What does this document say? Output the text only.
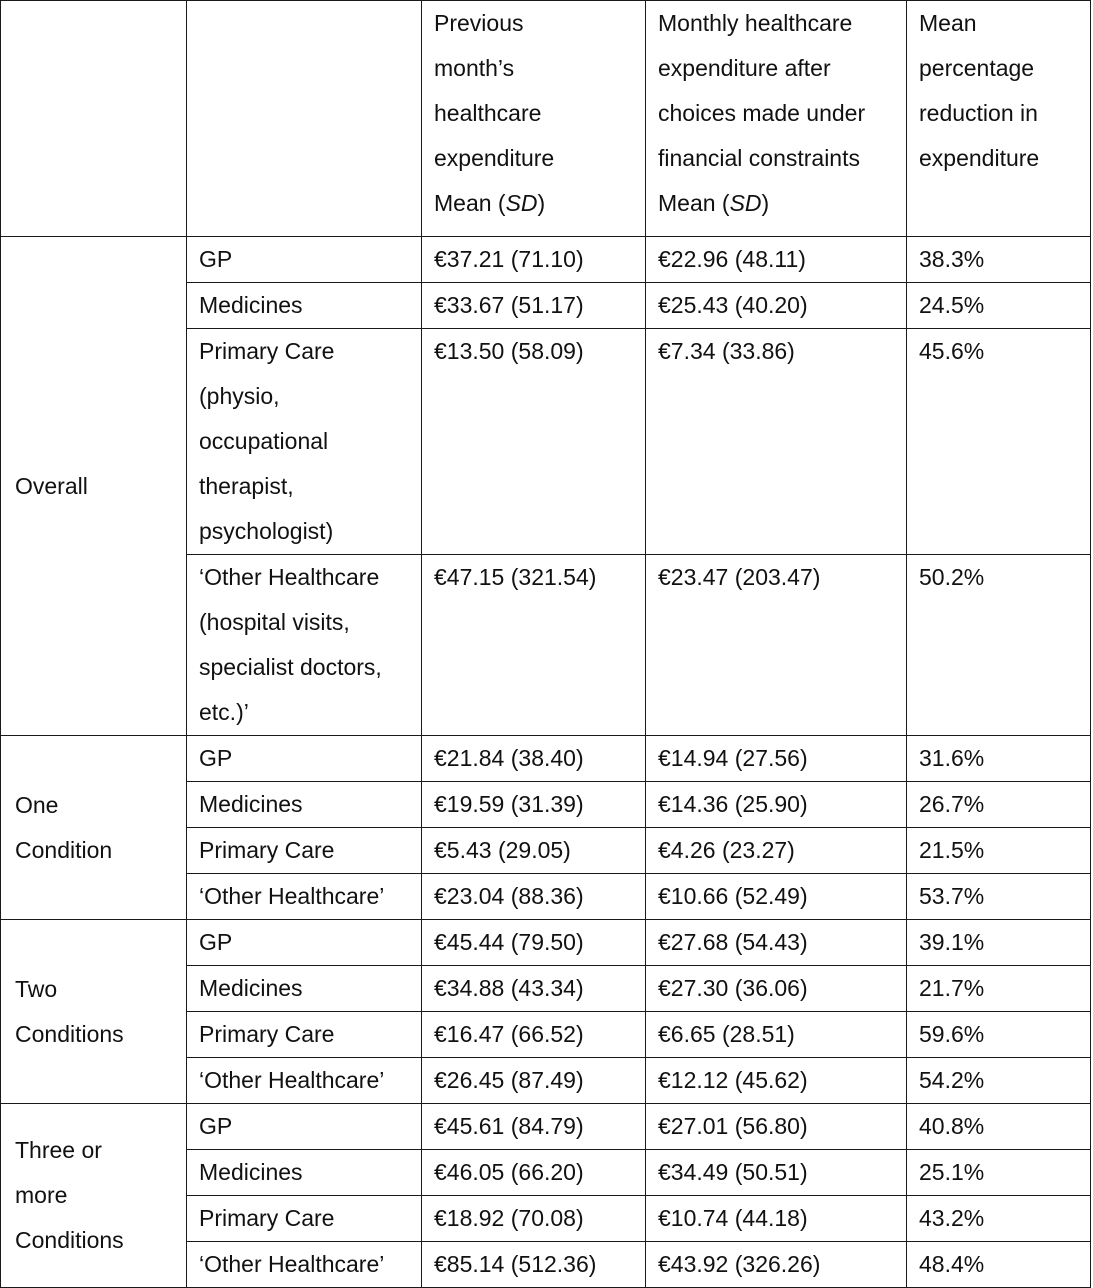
		Previous
month’s
healthcare
expenditure
Mean (SD)	Monthly healthcare
expenditure after
choices made under
financial constraints
Mean (SD)	Mean
percentage
reduction in
expenditure

Overall	GP	€37.21 (71.10)	€22.96 (48.11)	38.3%

	Medicines	€33.67 (51.17)	€25.43 (40.20)	24.5%

	Primary Care
(physio,
occupational
therapist,
psychologist)	€13.50 (58.09)	€7.34 (33.86)	45.6%

	‘Other Healthcare
(hospital visits,
specialist doctors,
etc.)’	€47.15 (321.54)	€23.47 (203.47)	50.2%

One
Condition	GP	€21.84 (38.40)	€14.94 (27.56)	31.6%

	Medicines	€19.59 (31.39)	€14.36 (25.90)	26.7%

	Primary Care	€5.43 (29.05)	€4.26 (23.27)	21.5%

	‘Other Healthcare’	€23.04 (88.36)	€10.66 (52.49)	53.7%

Two
Conditions	GP	€45.44 (79.50)	€27.68 (54.43)	39.1%

	Medicines	€34.88 (43.34)	€27.30 (36.06)	21.7%

	Primary Care	€16.47 (66.52)	€6.65 (28.51)	59.6%

	‘Other Healthcare’	€26.45 (87.49)	€12.12 (45.62)	54.2%

Three or
more
Conditions	GP	€45.61 (84.79)	€27.01 (56.80)	40.8%

	Medicines	€46.05 (66.20)	€34.49 (50.51)	25.1%

	Primary Care	€18.92 (70.08)	€10.74 (44.18)	43.2%

	‘Other Healthcare’	€85.14 (512.36)	€43.92 (326.26)	48.4%
